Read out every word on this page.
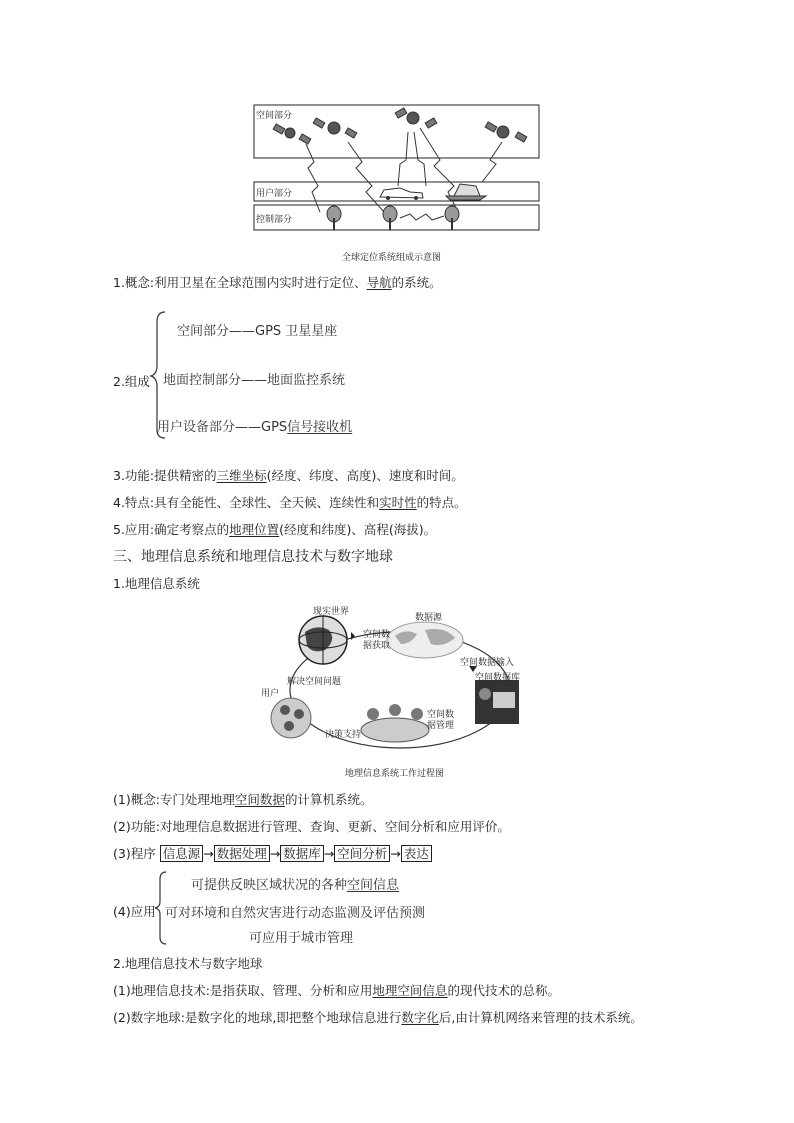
空间部分
用户部分
控制部分
全球定位系统组成示意图
1.概念:利用卫星在全球范围内实时进行定位、导航的系统。
2.组成
空间部分——GPS 卫星星座
地面控制部分——地面监控系统
用户设备部分——GPS信号接收机
3.功能:提供精密的三维坐标(经度、纬度、高度)、速度和时间。
4.特点:具有全能性、全球性、全天候、连续性和实时性的特点。
5.应用:确定考察点的地理位置(经度和纬度)、高程(海拔)。
三、地理信息系统和地理信息技术与数字地球
1.地理信息系统
现实世界
数据源
空间数
据获取
空间数据输入
空间数据库
空间数
据管理
决策支持
解决空间问题
用户
地理信息系统工作过程图
(1)概念:专门处理地理空间数据的计算机系统。
(2)功能:对地理信息数据进行管理、查询、更新、空间分析和应用评价。
(3)程序 信息源 → 数据处理 → 数据库 → 空间分析 → 表达
(4)应用
可提供反映区域状况的各种空间信息
可对环境和自然灾害进行动态监测及评估预测
可应用于城市管理
2.地理信息技术与数字地球
(1)地理信息技术:是指获取、管理、分析和应用地理空间信息的现代技术的总称。
(2)数字地球:是数字化的地球,即把整个地球信息进行数字化后,由计算机网络来管理的技术系统。
